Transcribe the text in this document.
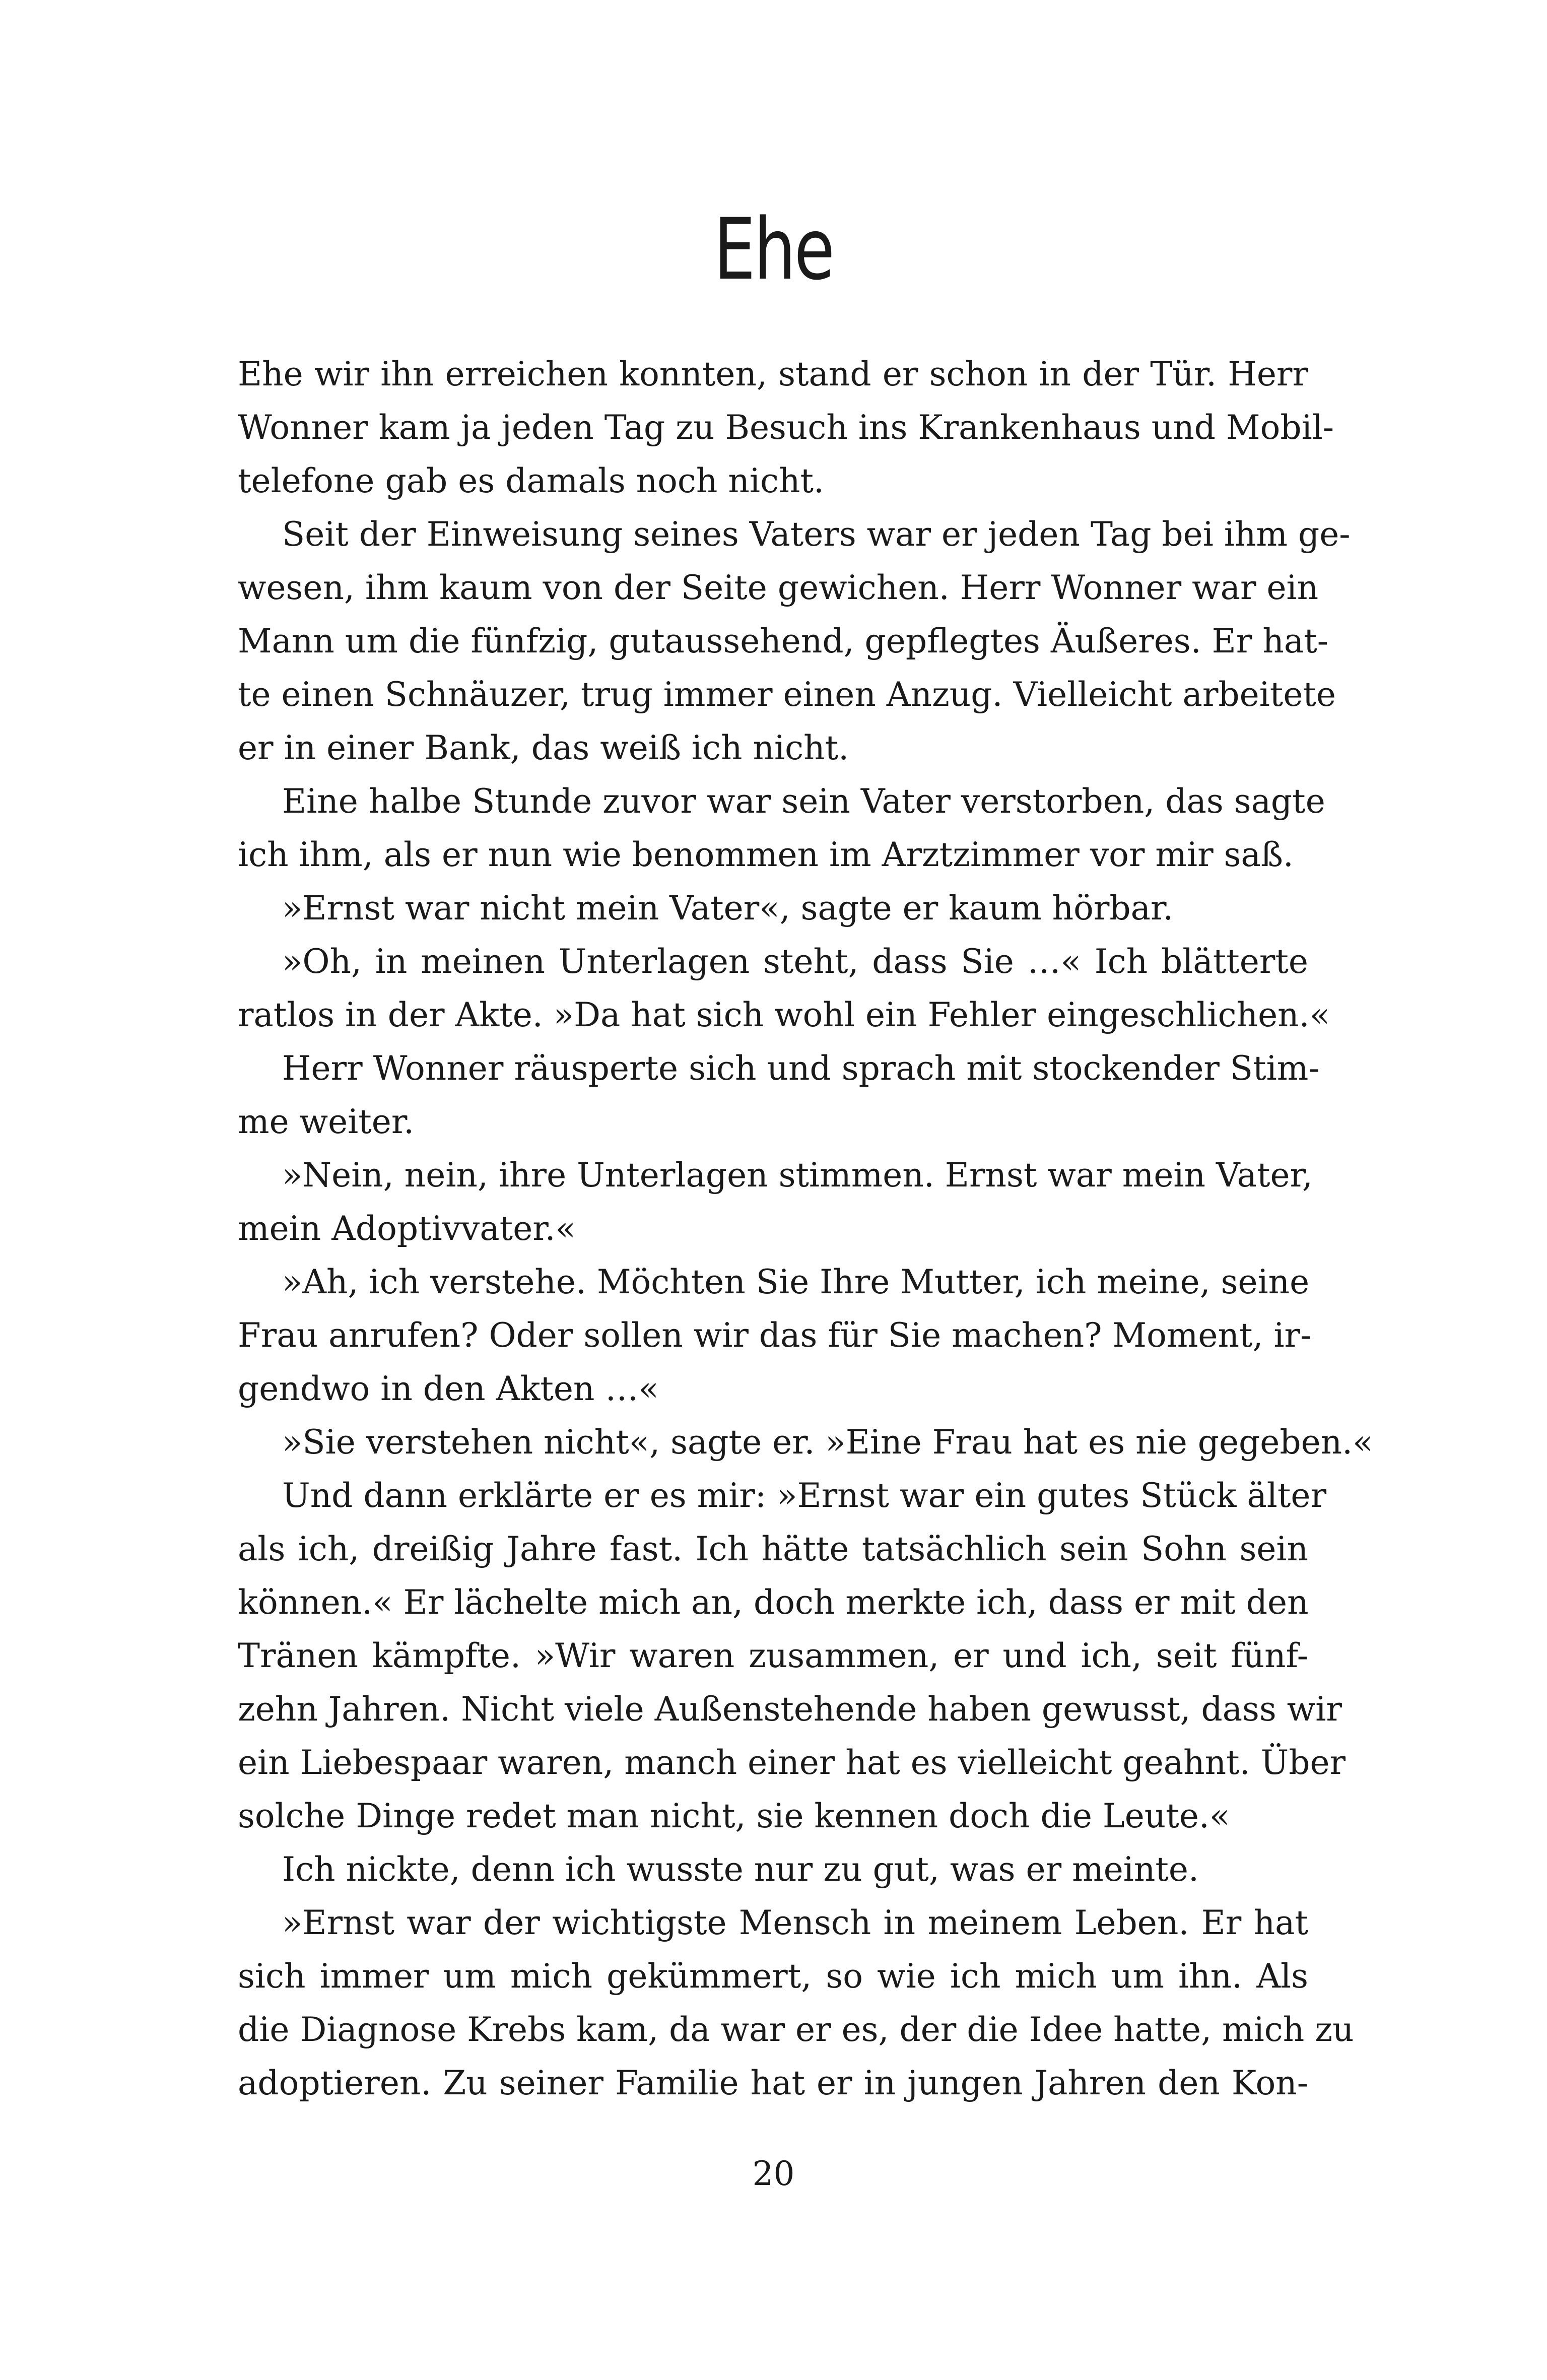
Ehe

Ehe wir ihn erreichen konnten, stand er schon in der Tür. Herr
Wonner kam ja jeden Tag zu Besuch ins Krankenhaus und Mobil-
telefone gab es damals noch nicht.

Seit der Einweisung seines Vaters war er jeden Tag bei ihm ge-
wesen, ihm kaum von der Seite gewichen. Herr Wonner war ein
Mann um die fünfzig, gutaussehend, gepflegtes Äußeres. Er hat-
te einen Schnäuzer, trug immer einen Anzug. Vielleicht arbeitete
er in einer Bank, das weiß ich nicht.

Eine halbe Stunde zuvor war sein Vater verstorben, das sagte
ich ihm, als er nun wie benommen im Arztzimmer vor mir saß.

»Ernst war nicht mein Vater«, sagte er kaum hörbar.

»Oh, in meinen Unterlagen steht, dass Sie …« Ich blätterte
ratlos in der Akte. »Da hat sich wohl ein Fehler eingeschlichen.«

Herr Wonner räusperte sich und sprach mit stockender Stim-
me weiter.

»Nein, nein, ihre Unterlagen stimmen. Ernst war mein Vater,
mein Adoptivvater.«

»Ah, ich verstehe. Möchten Sie Ihre Mutter, ich meine, seine
Frau anrufen? Oder sollen wir das für Sie machen? Moment, ir-
gendwo in den Akten …«

»Sie verstehen nicht«, sagte er. »Eine Frau hat es nie gegeben.«

Und dann erklärte er es mir: »Ernst war ein gutes Stück älter
als ich, dreißig Jahre fast. Ich hätte tatsächlich sein Sohn sein
können.« Er lächelte mich an, doch merkte ich, dass er mit den
Tränen kämpfte. »Wir waren zusammen, er und ich, seit fünf-
zehn Jahren. Nicht viele Außenstehende haben gewusst, dass wir
ein Liebespaar waren, manch einer hat es vielleicht geahnt. Über
solche Dinge redet man nicht, sie kennen doch die Leute.«

Ich nickte, denn ich wusste nur zu gut, was er meinte.

»Ernst war der wichtigste Mensch in meinem Leben. Er hat
sich immer um mich gekümmert, so wie ich mich um ihn. Als
die Diagnose Krebs kam, da war er es, der die Idee hatte, mich zu
adoptieren. Zu seiner Familie hat er in jungen Jahren den Kon-

20
